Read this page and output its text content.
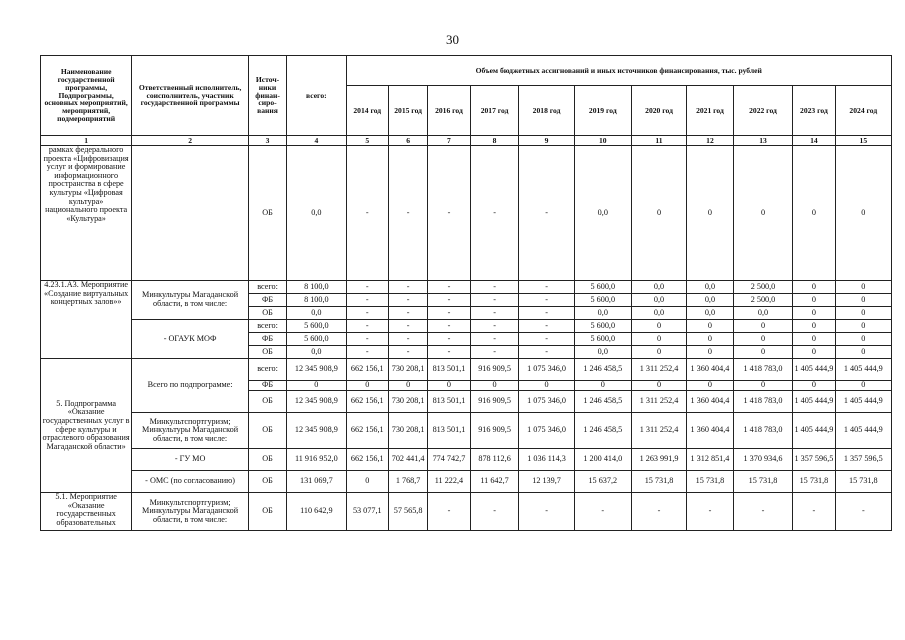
30
Наименование государственной программы, Подпрограммы, основных мероприятий, мероприятий, подмероприятий	Ответственный исполнитель, соисполнитель, участник государственной программы	Источ-ники финан-сиро-вания	всего:	Объем бюджетных ассигнований и иных источников финансирования, тыс. рублей										
				2014 год	2015 год	2016 год	2017 год	2018 год	2019 год	2020 год	2021 год	2022 год	2023 год	2024 год
1	2	3	4	5	6	7	8	9	10	11	12	13	14	15
рамках федерального проекта «Цифровизация услуг и формирование информационного пространства в сфере культуры «Цифровая культура» национального проекта «Культура»		ОБ	0,0	-	-	-	-	-	0,0	0	0	0	0	0
4.23.1.А3. Мероприятие «Создание виртуальных концертных залов»»	Минкультуры Магаданской области, в том числе:	всего:	8 100,0	-	-	-	-	-	5 600,0	0,0	0,0	2 500,0	0	0
		ФБ	8 100,0	-	-	-	-	-	5 600,0	0,0	0,0	2 500,0	0	0
		ОБ	0,0	-	-	-	-	-	0,0	0,0	0,0	0,0	0	0
	- ОГАУК МОФ	всего:	5 600,0	-	-	-	-	-	5 600,0	0	0	0	0	0
		ФБ	5 600,0	-	-	-	-	-	5 600,0	0	0	0	0	0
		ОБ	0,0	-	-	-	-	-	0,0	0	0	0	0	0
5. Подпрограмма «Оказание государственных услуг в сфере культуры и отраслевого образования Магаданской области»	Всего по подпрограмме:	всего:	12 345 908,9	662 156,1	730 208,1	813 501,1	916 909,5	1 075 346,0	1 246 458,5	1 311 252,4	1 360 404,4	1 418 783,0	1 405 444,9	1 405 444,9
		ФБ	0	0	0	0	0	0	0	0	0	0	0	0
		ОБ	12 345 908,9	662 156,1	730 208,1	813 501,1	916 909,5	1 075 346,0	1 246 458,5	1 311 252,4	1 360 404,4	1 418 783,0	1 405 444,9	1 405 444,9
	Минкультспортгуризм; Минкультуры Магаданской области, в том числе:	ОБ	12 345 908,9	662 156,1	730 208,1	813 501,1	916 909,5	1 075 346,0	1 246 458,5	1 311 252,4	1 360 404,4	1 418 783,0	1 405 444,9	1 405 444,9
	- ГУ МО	ОБ	11 916 952,0	662 156,1	702 441,4	774 742,7	878 112,6	1 036 114,3	1 200 414,0	1 263 991,9	1 312 851,4	1 370 934,6	1 357 596,5	1 357 596,5
	- ОМС (по согласованию)	ОБ	131 069,7	0	1 768,7	11 222,4	11 642,7	12 139,7	15 637,2	15 731,8	15 731,8	15 731,8	15 731,8	15 731,8
5.1. Мероприятие «Оказание государственных образовательных	Минкультспортгуризм; Минкультуры Магаданской области, в том числе:	ОБ	110 642,9	53 077,1	57 565,8	-	-	-	-	-	-	-	-	-
